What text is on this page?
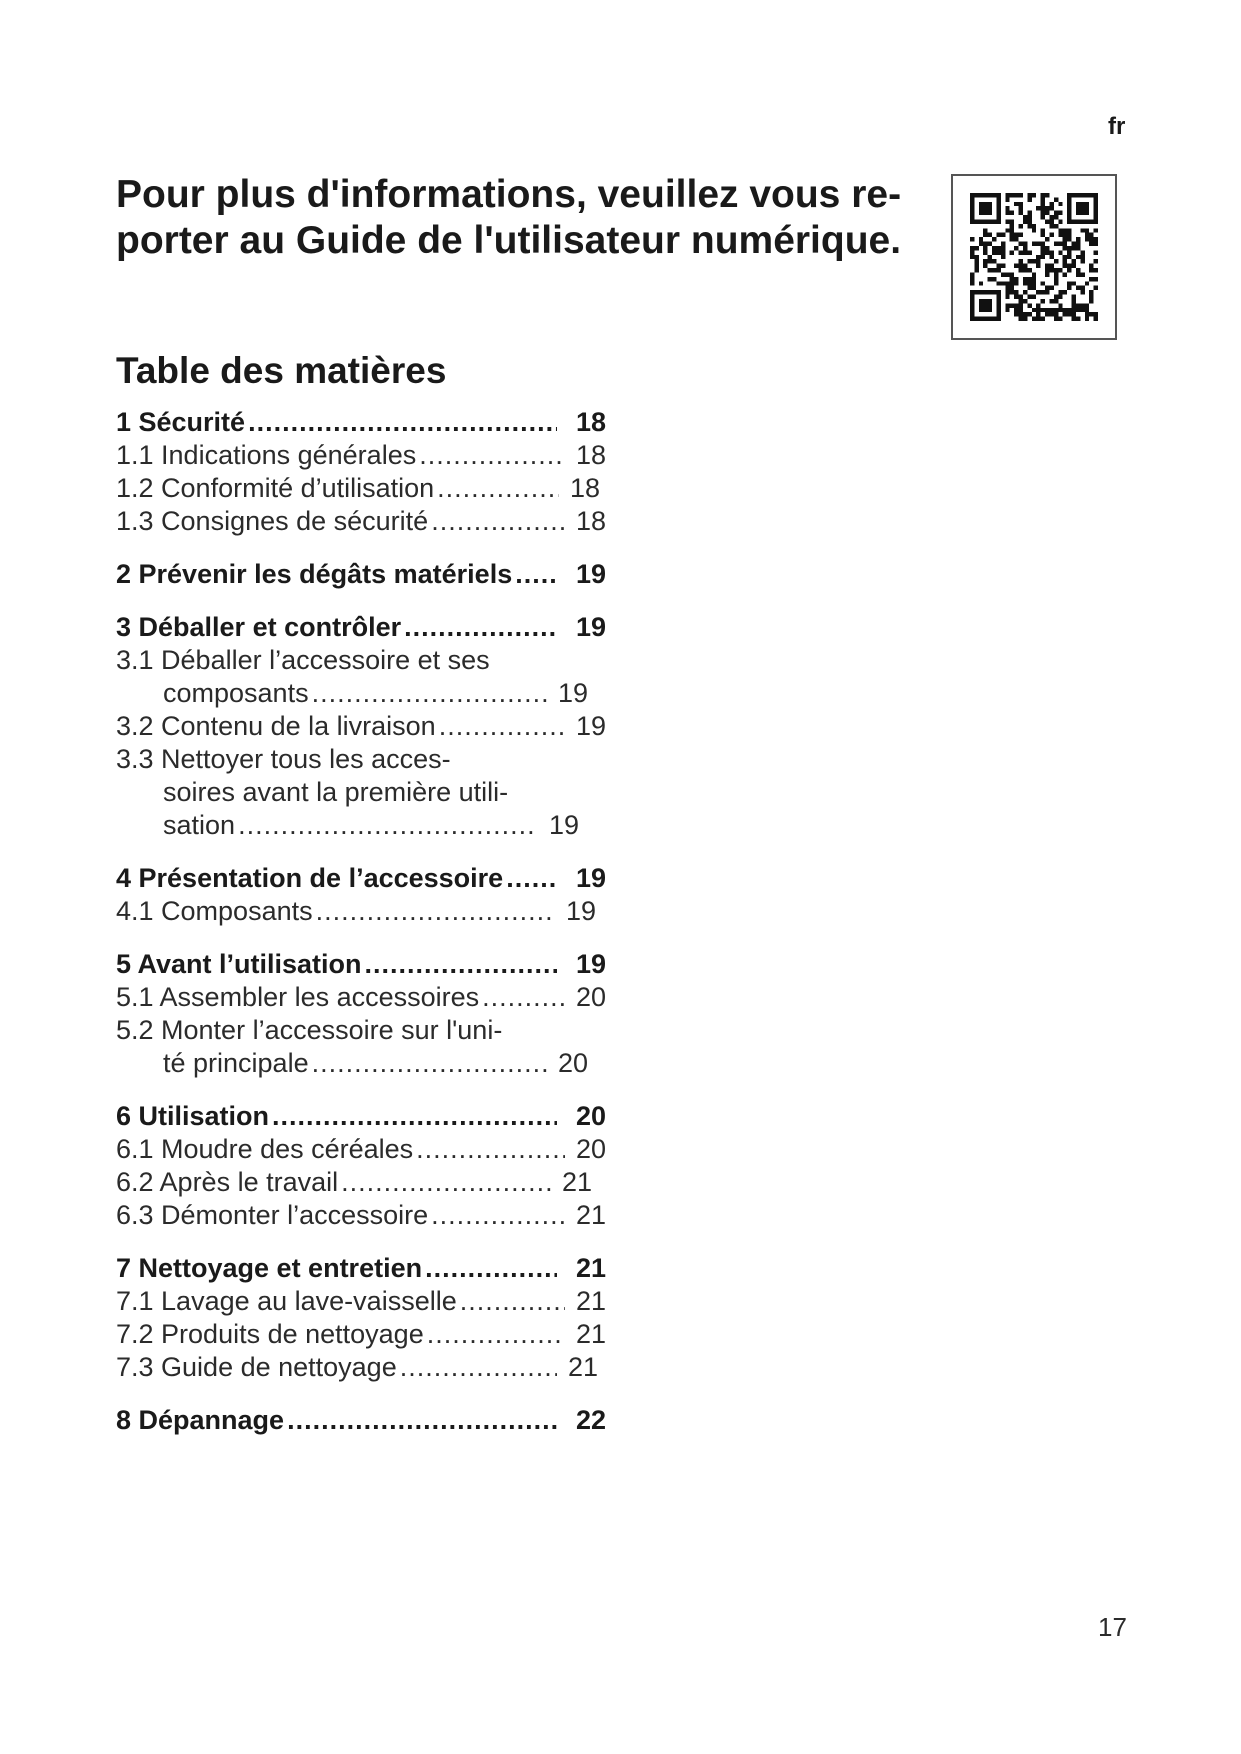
fr
Pour plus d'informations, veuillez vous re-
porter au Guide de l'utilisateur numérique.
Table des matières
1 Sécurité .....	18
1.1 Indications générales .....	18
1.2 Conformité d’utilisation .....	18
1.3 Consignes de sécurité .....	18
2 Prévenir les dégâts matériels .....	19
3 Déballer et contrôler .....	19
3.1 Déballer l’accessoire et ses
composants .....	19
3.2 Contenu de la livraison .....	19
3.3 Nettoyer tous les acces-
soires avant la première utili-
sation .....	19
4 Présentation de l’accessoire .....	19
4.1 Composants .....	19
5 Avant l’utilisation .....	19
5.1 Assembler les accessoires .....	20
5.2 Monter l’accessoire sur l'uni-
té principale .....	20
6 Utilisation .....	20
6.1 Moudre des céréales .....	20
6.2 Après le travail .....	21
6.3 Démonter l’accessoire .....	21
7 Nettoyage et entretien .....	21
7.1 Lavage au lave-vaisselle .....	21
7.2 Produits de nettoyage .....	21
7.3 Guide de nettoyage .....	21
8 Dépannage .....	22
17
